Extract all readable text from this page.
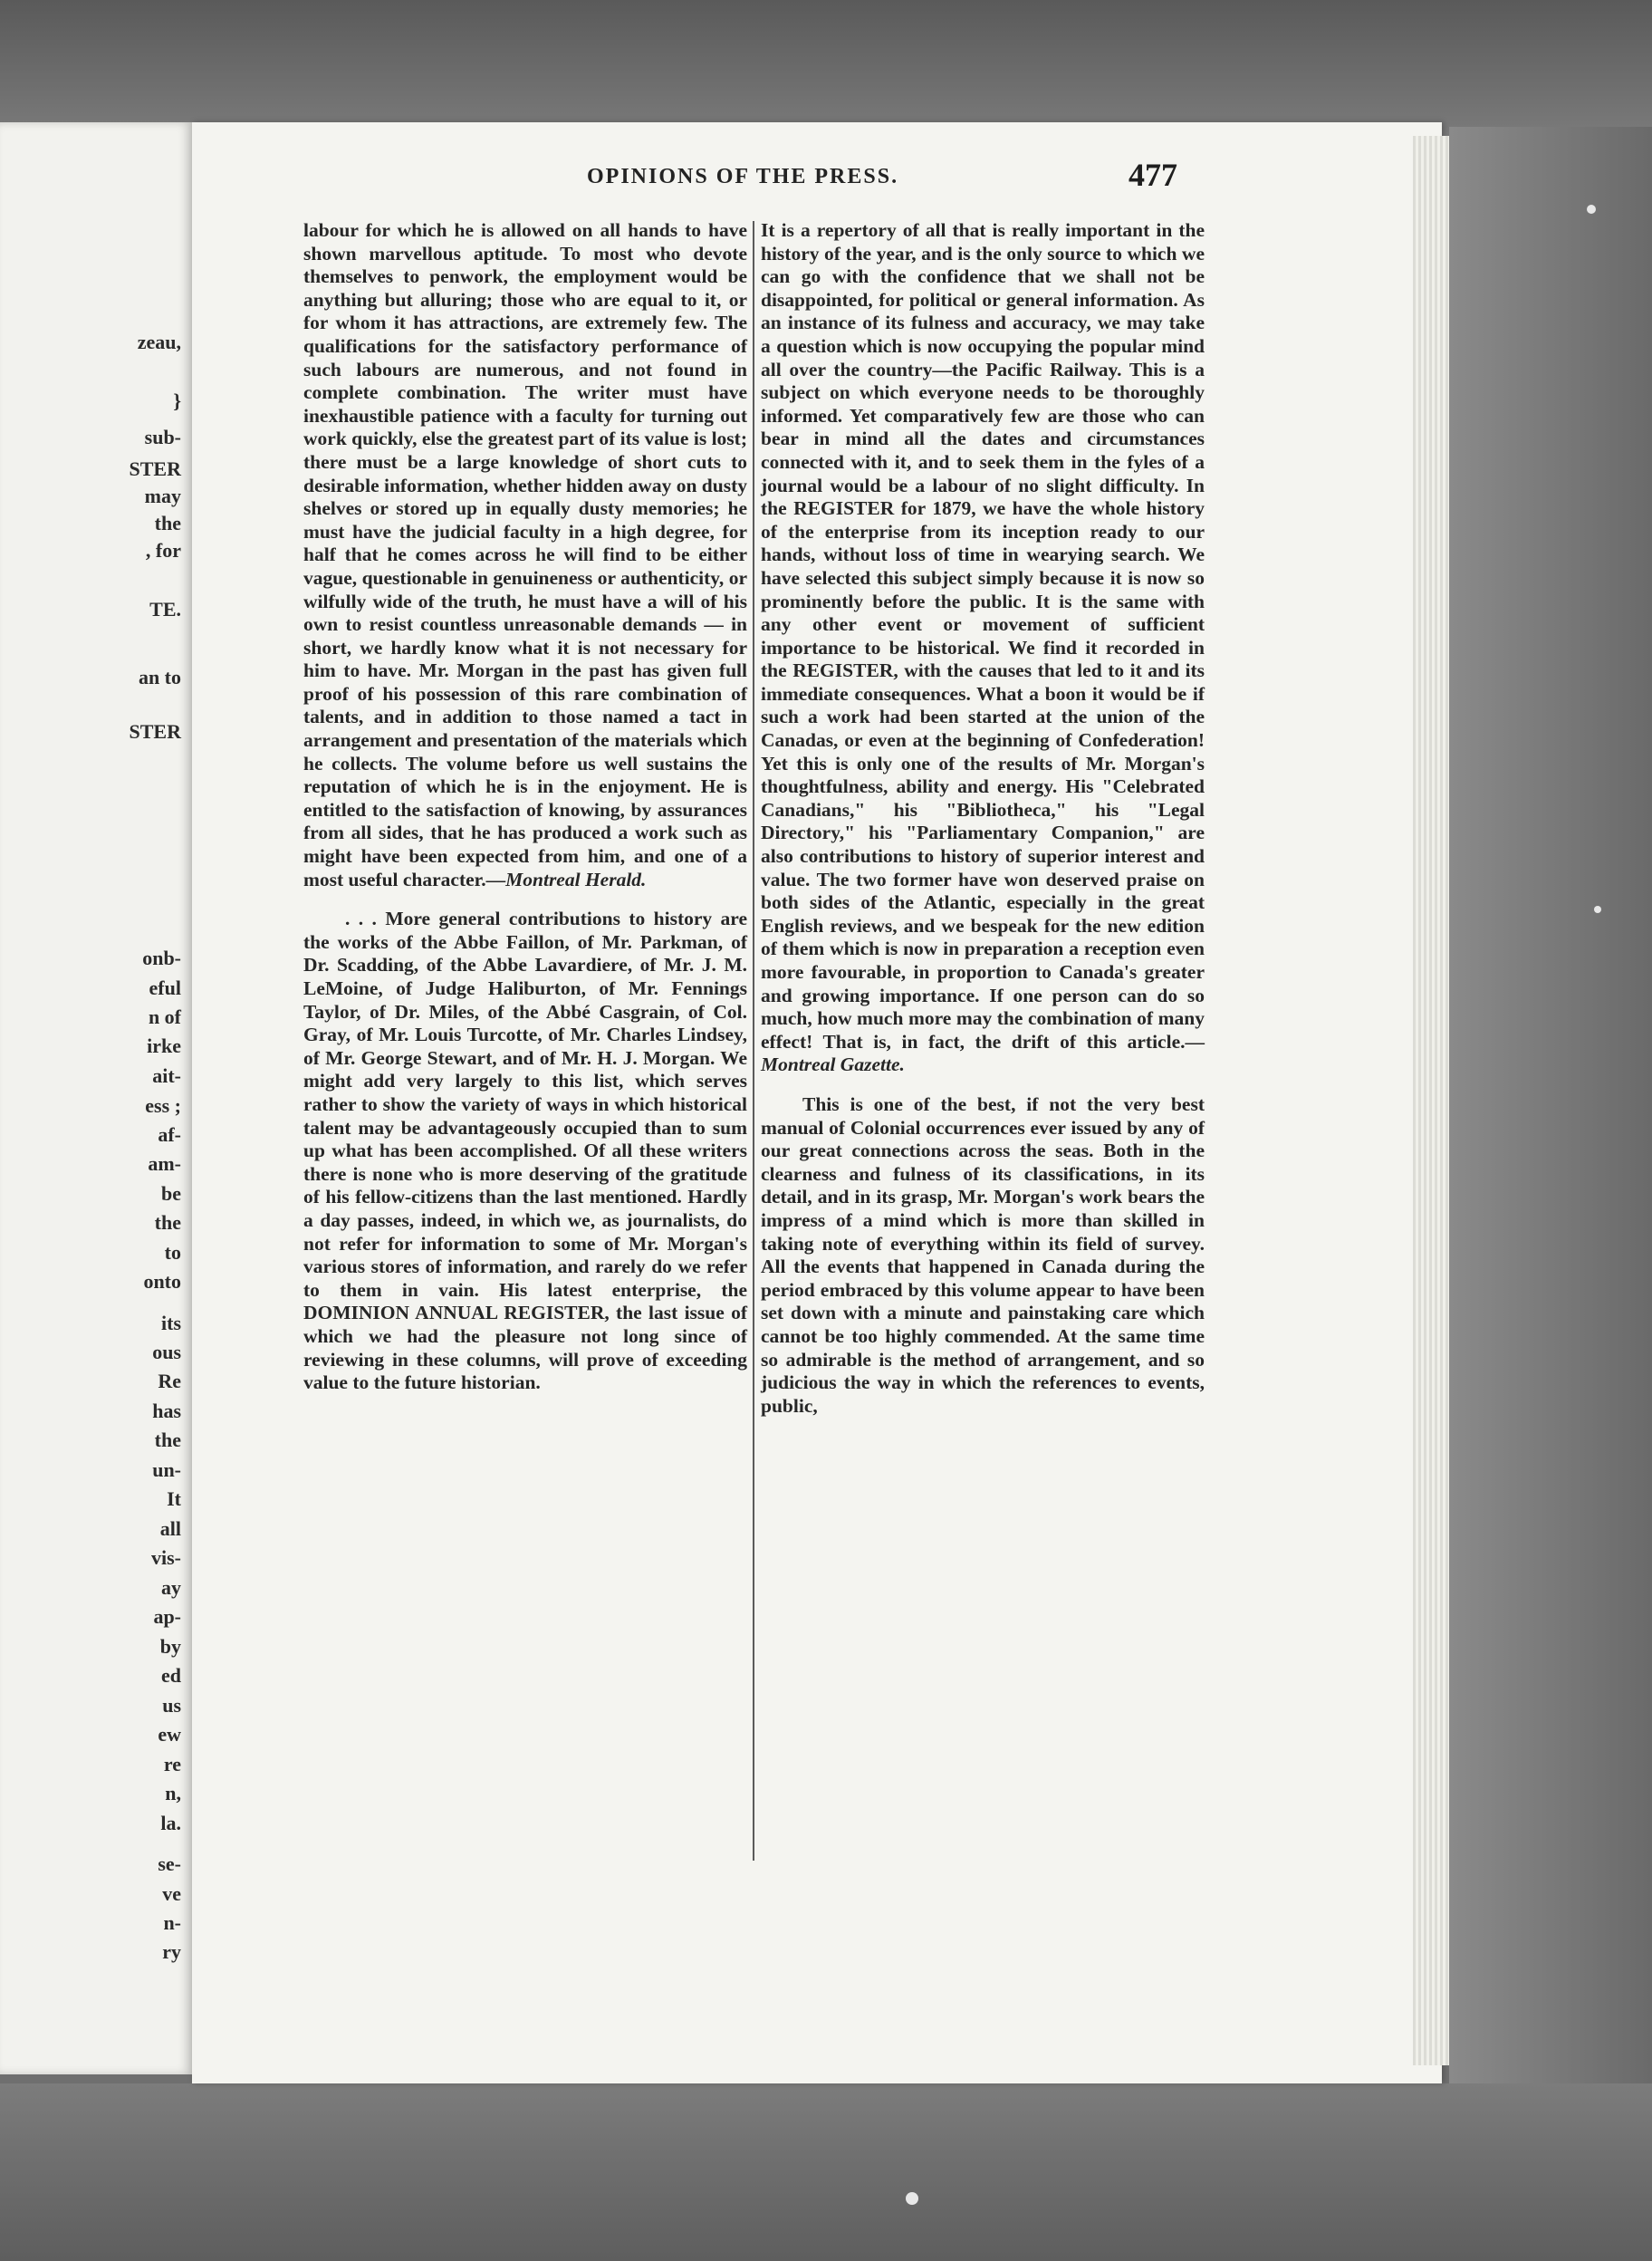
zeau,
}
sub-
STER
may
the
, for
TE.
an to
STER
onb-
eful
n of
irke
ait-
ess ;
af-
am-
be
the
to
onto
its
ous
Re
has
the
un-
It
all
vis-
ay
ap-
by
ed
us
ew
re
n,
la.
se-
ve
n-
ry
OPINIONS OF THE PRESS.	477

labour for which he is allowed on all hands to have shown marvellous aptitude. To most who devote themselves to penwork, the employment would be anything but alluring; those who are equal to it, or for whom it has attractions, are extremely few. The qualifications for the satisfactory performance of such labours are numerous, and not found in complete combination. The writer must have inexhaustible patience with a faculty for turning out work quickly, else the greatest part of its value is lost; there must be a large knowledge of short cuts to desirable information, whether hidden away on dusty shelves or stored up in equally dusty memories; he must have the judicial faculty in a high degree, for half that he comes across he will find to be either vague, questionable in genuineness or authenticity, or wilfully wide of the truth, he must have a will of his own to resist countless unreasonable demands — in short, we hardly know what it is not necessary for him to have. Mr. Morgan in the past has given full proof of his possession of this rare combination of talents, and in addition to those named a tact in arrangement and presentation of the materials which he collects. The volume before us well sustains the reputation of which he is in the enjoyment. He is entitled to the satisfaction of knowing, by assurances from all sides, that he has produced a work such as might have been expected from him, and one of a most useful character.—Montreal Herald.

. . . More general contributions to history are the works of the Abbe Faillon, of Mr. Parkman, of Dr. Scadding, of the Abbe Lavardiere, of Mr. J. M. LeMoine, of Judge Haliburton, of Mr. Fennings Taylor, of Dr. Miles, of the Abbé Casgrain, of Col. Gray, of Mr. Louis Turcotte, of Mr. Charles Lindsey, of Mr. George Stewart, and of Mr. H. J. Morgan. We might add very largely to this list, which serves rather to show the variety of ways in which historical talent may be advantageously occupied than to sum up what has been accomplished. Of all these writers there is none who is more deserving of the gratitude of his fellow-citizens than the last mentioned. Hardly a day passes, indeed, in which we, as journalists, do not refer for information to some of Mr. Morgan's various stores of information, and rarely do we refer to them in vain. His latest enterprise, the DOMINION ANNUAL REGISTER, the last issue of which we had the pleasure not long since of reviewing in these columns, will prove of exceeding value to the future historian.

It is a repertory of all that is really important in the history of the year, and is the only source to which we can go with the confidence that we shall not be disappointed, for political or general information. As an instance of its fulness and accuracy, we may take a question which is now occupying the popular mind all over the country—the Pacific Railway. This is a subject on which everyone needs to be thoroughly informed. Yet comparatively few are those who can bear in mind all the dates and circumstances connected with it, and to seek them in the fyles of a journal would be a labour of no slight difficulty. In the REGISTER for 1879, we have the whole history of the enterprise from its inception ready to our hands, without loss of time in wearying search. We have selected this subject simply because it is now so prominently before the public. It is the same with any other event or movement of sufficient importance to be historical. We find it recorded in the REGISTER, with the causes that led to it and its immediate consequences. What a boon it would be if such a work had been started at the union of the Canadas, or even at the beginning of Confederation! Yet this is only one of the results of Mr. Morgan's thoughtfulness, ability and energy. His "Celebrated Canadians," his "Bibliotheca," his "Legal Directory," his "Parliamentary Companion," are also contributions to history of superior interest and value. The two former have won deserved praise on both sides of the Atlantic, especially in the great English reviews, and we bespeak for the new edition of them which is now in preparation a reception even more favourable, in proportion to Canada's greater and growing importance. If one person can do so much, how much more may the combination of many effect! That is, in fact, the drift of this article.—Montreal Gazette.

This is one of the best, if not the very best manual of Colonial occurrences ever issued by any of our great connections across the seas. Both in the clearness and fulness of its classifications, in its detail, and in its grasp, Mr. Morgan's work bears the impress of a mind which is more than skilled in taking note of everything within its field of survey. All the events that happened in Canada during the period embraced by this volume appear to have been set down with a minute and painstaking care which cannot be too highly commended. At the same time so admirable is the method of arrangement, and so judicious the way in which the references to events, public,
